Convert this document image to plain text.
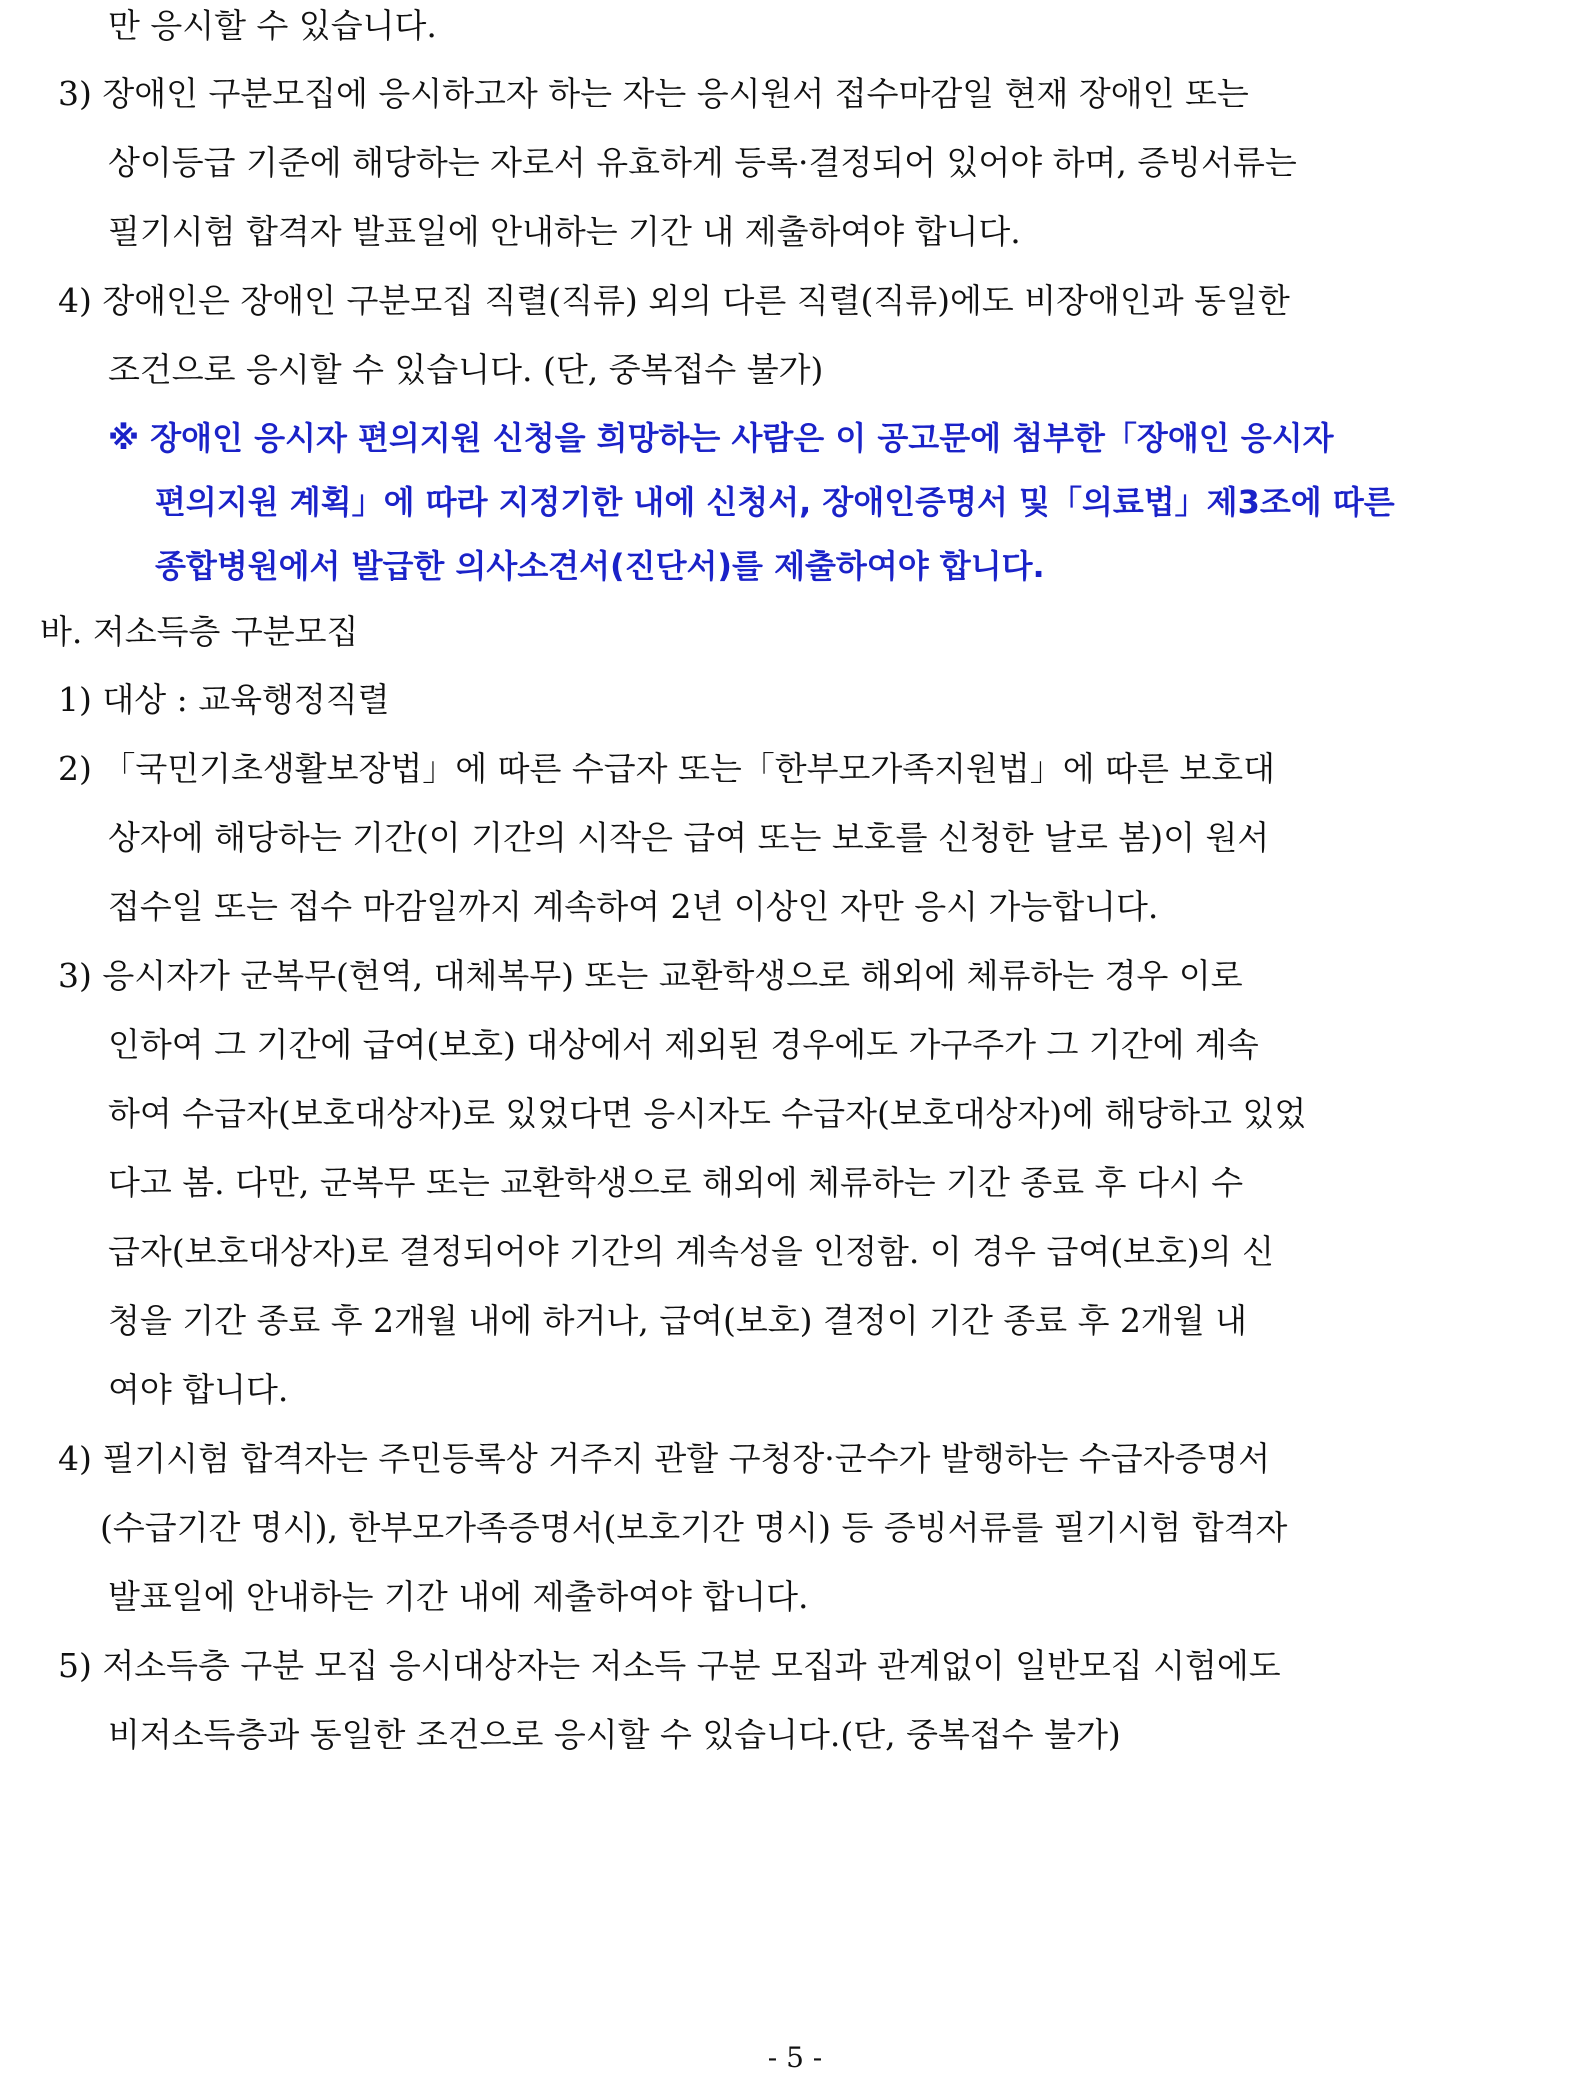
만 응시할 수 있습니다.
3) 장애인 구분모집에 응시하고자 하는 자는 응시원서 접수마감일 현재 장애인 또는
상이등급 기준에 해당하는 자로서 유효하게 등록·결정되어 있어야 하며, 증빙서류는
필기시험 합격자 발표일에 안내하는 기간 내 제출하여야 합니다.
4) 장애인은 장애인 구분모집 직렬(직류) 외의 다른 직렬(직류)에도 비장애인과 동일한
조건으로 응시할 수 있습니다. (단, 중복접수 불가)
※ 장애인 응시자 편의지원 신청을 희망하는 사람은 이 공고문에 첨부한「장애인 응시자
편의지원 계획」에 따라 지정기한 내에 신청서, 장애인증명서 및「의료법」제3조에 따른
종합병원에서 발급한 의사소견서(진단서)를 제출하여야 합니다.
바. 저소득층 구분모집
1) 대상 : 교육행정직렬
2) 「국민기초생활보장법」에 따른 수급자 또는「한부모가족지원법」에 따른 보호대
상자에 해당하는 기간(이 기간의 시작은 급여 또는 보호를 신청한 날로 봄)이 원서
접수일 또는 접수 마감일까지 계속하여 2년 이상인 자만 응시 가능합니다.
3) 응시자가 군복무(현역, 대체복무) 또는 교환학생으로 해외에 체류하는 경우 이로
인하여 그 기간에 급여(보호) 대상에서 제외된 경우에도 가구주가 그 기간에 계속
하여 수급자(보호대상자)로 있었다면 응시자도 수급자(보호대상자)에 해당하고 있었
다고 봄. 다만, 군복무 또는 교환학생으로 해외에 체류하는 기간 종료 후 다시 수
급자(보호대상자)로 결정되어야 기간의 계속성을 인정함. 이 경우 급여(보호)의 신
청을 기간 종료 후 2개월 내에 하거나, 급여(보호) 결정이 기간 종료 후 2개월 내
여야 합니다.
4) 필기시험 합격자는 주민등록상 거주지 관할 구청장·군수가 발행하는 수급자증명서
(수급기간 명시), 한부모가족증명서(보호기간 명시) 등 증빙서류를 필기시험 합격자
발표일에 안내하는 기간 내에 제출하여야 합니다.
5) 저소득층 구분 모집 응시대상자는 저소득 구분 모집과 관계없이 일반모집 시험에도
비저소득층과 동일한 조건으로 응시할 수 있습니다.(단, 중복접수 불가)
- 5 -
